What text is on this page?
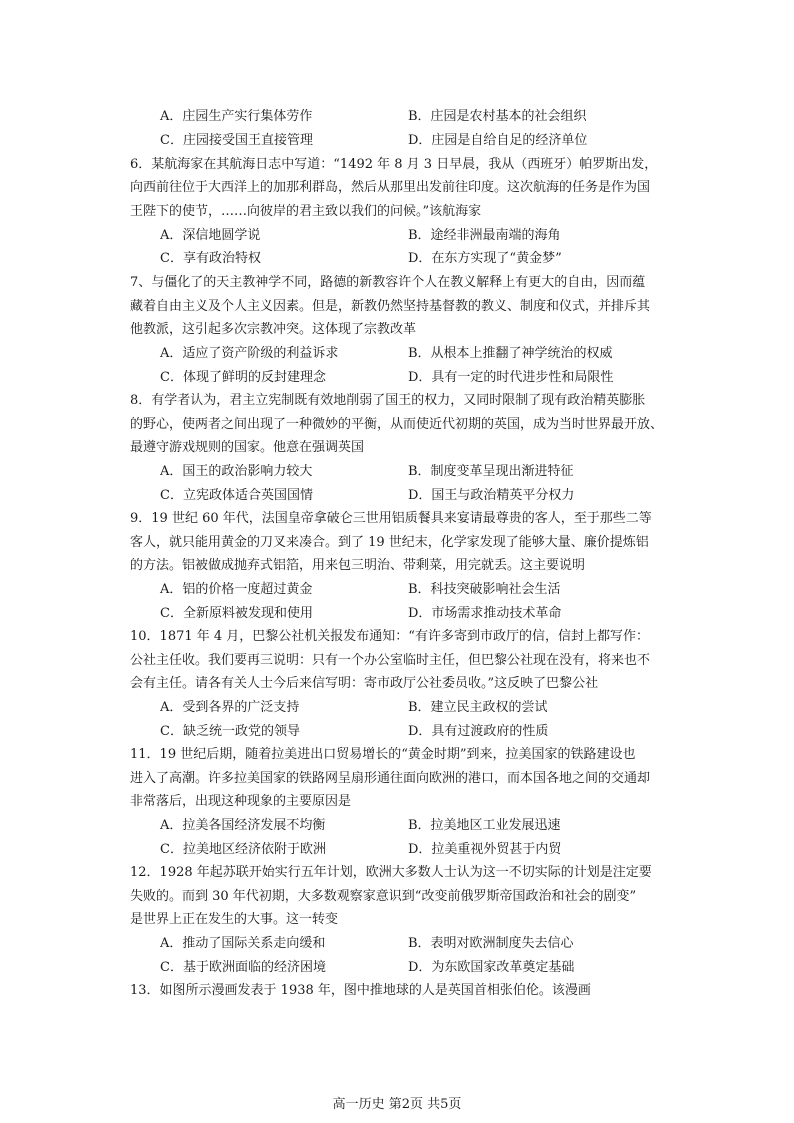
A．庄园生产实行集体劳作	B．庄园是农村基本的社会组织
C．庄园接受国王直接管理	D．庄园是自给自足的经济单位
6．某航海家在其航海日志中写道：“1492 年 8 月 3 日早晨，我从（西班牙）帕罗斯出发，
向西前往位于大西洋上的加那利群岛，然后从那里出发前往印度。这次航海的任务是作为国
王陛下的使节，……向彼岸的君主致以我们的问候。”该航海家
A．深信地圆学说	B．途经非洲最南端的海角
C．享有政治特权	D．在东方实现了“黄金梦”
7、与僵化了的天主教神学不同，路德的新教容许个人在教义解释上有更大的自由，因而蕴
藏着自由主义及个人主义因素。但是，新教仍然坚持基督教的教义、制度和仪式，并排斥其
他教派，这引起多次宗教冲突。这体现了宗教改革
A．适应了资产阶级的利益诉求	B．从根本上推翻了神学统治的权威
C．体现了鲜明的反封建理念	D．具有一定的时代进步性和局限性
8．有学者认为，君主立宪制既有效地削弱了国王的权力，又同时限制了现有政治精英膨胀
的野心，使两者之间出现了一种微妙的平衡，从而使近代初期的英国，成为当时世界最开放、
最遵守游戏规则的国家。他意在强调英国
A．国王的政治影响力较大	B．制度变革呈现出渐进特征
C．立宪政体适合英国国情	D．国王与政治精英平分权力
9．19 世纪 60 年代，法国皇帝拿破仑三世用铝质餐具来宴请最尊贵的客人，至于那些二等
客人，就只能用黄金的刀叉来凑合。到了 19 世纪末，化学家发现了能够大量、廉价提炼铝
的方法。铝被做成抛弃式铝箔，用来包三明治、带剩菜，用完就丢。这主要说明
A．铝的价格一度超过黄金	B．科技突破影响社会生活
C．全新原料被发现和使用	D．市场需求推动技术革命
10．1871 年 4 月，巴黎公社机关报发布通知：“有许多寄到市政厅的信，信封上都写作：
公社主任收。我们要再三说明：只有一个办公室临时主任，但巴黎公社现在没有，将来也不
会有主任。请各有关人士今后来信写明：寄市政厅公社委员收。”这反映了巴黎公社
A．受到各界的广泛支持	B．建立民主政权的尝试
C．缺乏统一政党的领导	D．具有过渡政府的性质
11．19 世纪后期，随着拉美进出口贸易增长的“黄金时期”到来，拉美国家的铁路建设也
进入了高潮。许多拉美国家的铁路网呈扇形通往面向欧洲的港口，而本国各地之间的交通却
非常落后，出现这种现象的主要原因是
A．拉美各国经济发展不均衡	B．拉美地区工业发展迅速
C．拉美地区经济依附于欧洲	D．拉美重视外贸甚于内贸
12．1928 年起苏联开始实行五年计划，欧洲大多数人士认为这一不切实际的计划是注定要
失败的。而到 30 年代初期，大多数观察家意识到“改变前俄罗斯帝国政治和社会的剧变”
是世界上正在发生的大事。这一转变
A．推动了国际关系走向缓和	B．表明对欧洲制度失去信心
C．基于欧洲面临的经济困境	D．为东欧国家改革奠定基础
13．如图所示漫画发表于 1938 年，图中推地球的人是英国首相张伯伦。该漫画
高一历史 第2页 共5页
